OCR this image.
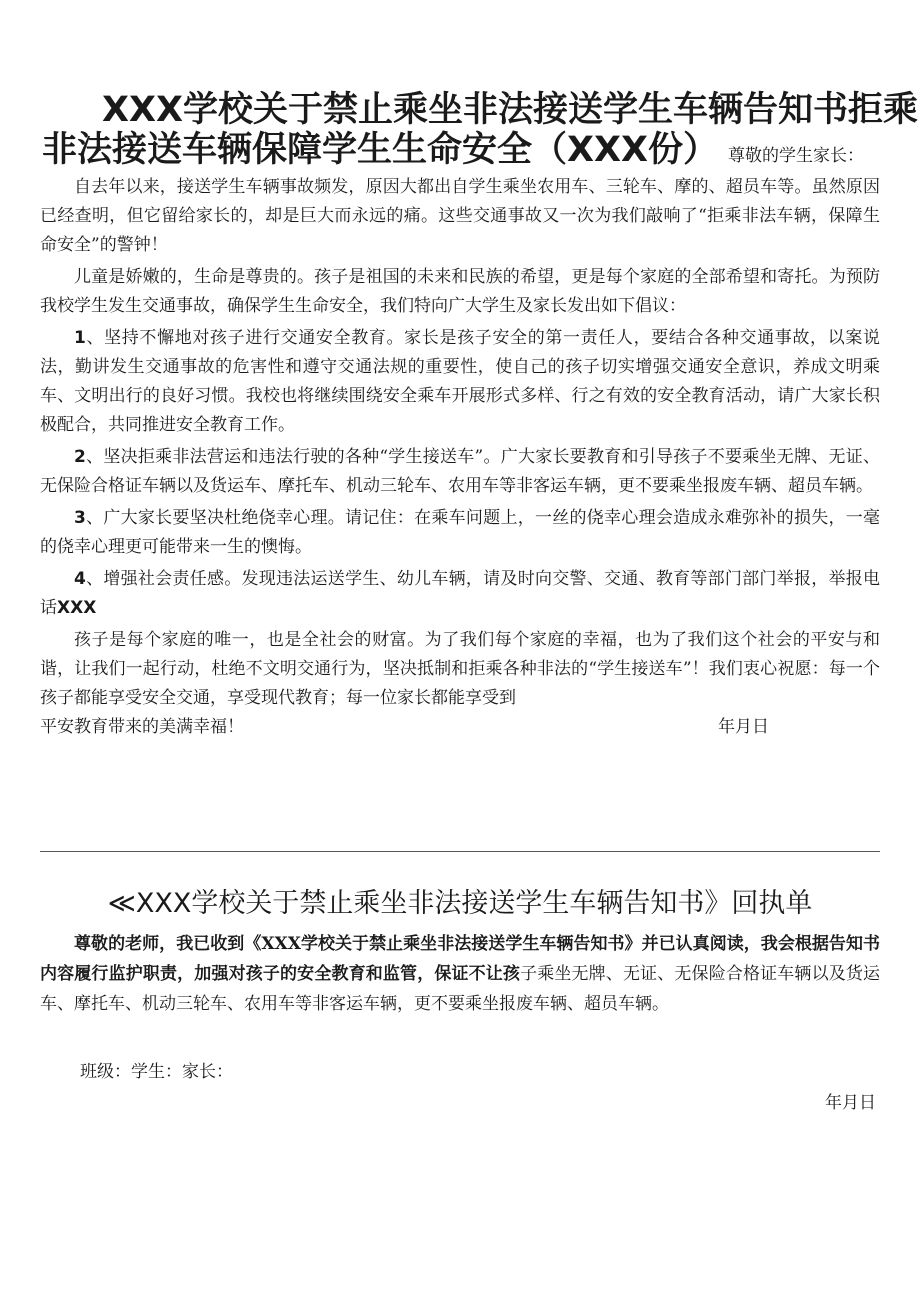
XXX学校关于禁止乘坐非法接送学生车辆告知书拒乘
非法接送车辆保障学生生命安全（XXX份） 尊敬的学生家长：

自去年以来，接送学生车辆事故频发，原因大都出自学生乘坐农用车、三轮车、摩的、超员车等。虽然原因已经查明，但它留给家长的，却是巨大而永远的痛。这些交通事故又一次为我们敲响了“拒乘非法车辆，保障生命安全”的警钟！

儿童是娇嫩的，生命是尊贵的。孩子是祖国的未来和民族的希望，更是每个家庭的全部希望和寄托。为预防我校学生发生交通事故，确保学生生命安全，我们特向广大学生及家长发出如下倡议：

1、坚持不懈地对孩子进行交通安全教育。家长是孩子安全的第一责任人，要结合各种交通事故，以案说法，勤讲发生交通事故的危害性和遵守交通法规的重要性，使自己的孩子切实增强交通安全意识，养成文明乘车、文明出行的良好习惯。我校也将继续围绕安全乘车开展形式多样、行之有效的安全教育活动，请广大家长积极配合，共同推进安全教育工作。

2、坚决拒乘非法营运和违法行驶的各种“学生接送车”。广大家长要教育和引导孩子不要乘坐无牌、无证、无保险合格证车辆以及货运车、摩托车、机动三轮车、农用车等非客运车辆，更不要乘坐报废车辆、超员车辆。

3、广大家长要坚决杜绝侥幸心理。请记住：在乘车问题上，一丝的侥幸心理会造成永难弥补的损失，一毫的侥幸心理更可能带来一生的懊悔。

4、增强社会责任感。发现违法运送学生、幼儿车辆，请及时向交警、交通、教育等部门部门举报，举报电话XXX

孩子是每个家庭的唯一，也是全社会的财富。为了我们每个家庭的幸福，也为了我们这个社会的平安与和谐，让我们一起行动，杜绝不文明交通行为，坚决抵制和拒乘各种非法的“学生接送车”！我们衷心祝愿：每一个孩子都能享受安全交通，享受现代教育；每一位家长都能享受到

平安教育带来的美满幸福！	年月日
≪XXX学校关于禁止乘坐非法接送学生车辆告知书》回执单

尊敬的老师，我已收到《XXX学校关于禁止乘坐非法接送学生车辆告知书》并已认真阅读，我会根据告知书内容履行监护职责，加强对孩子的安全教育和监管，保证不让孩子乘坐无牌、无证、无保险合格证车辆以及货运车、摩托车、机动三轮车、农用车等非客运车辆，更不要乘坐报废车辆、超员车辆。

班级：学生：家长：
年月日
